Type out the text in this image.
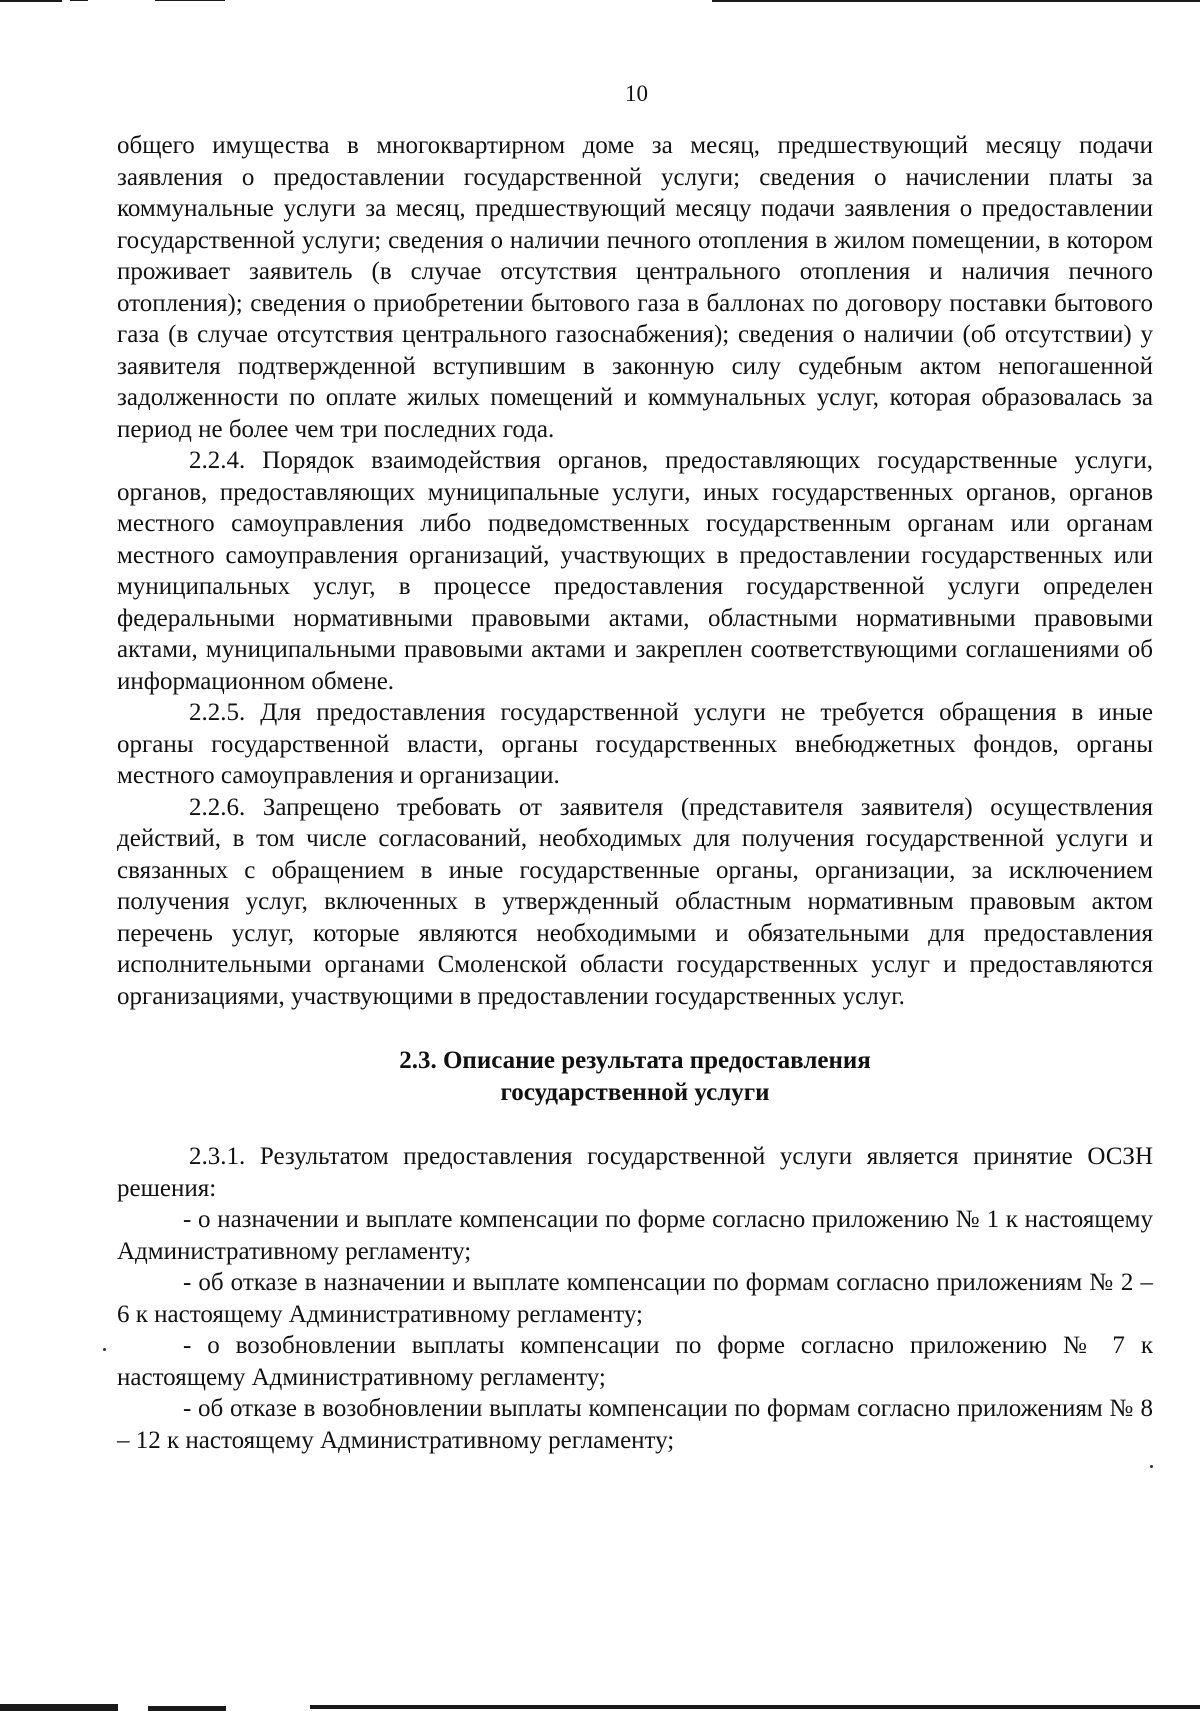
10

общего имущества в многоквартирном доме за месяц, предшествующий месяцу подачи заявления о предоставлении государственной услуги; сведения о начислении платы за коммунальные услуги за месяц, предшествующий месяцу подачи заявления о предоставлении государственной услуги; сведения о наличии печного отопления в жилом помещении, в котором проживает заявитель (в случае отсутствия центрального отопления и наличия печного отопления); сведения о приобретении бытового газа в баллонах по договору поставки бытового газа (в случае отсутствия центрального газоснабжения); сведения о наличии (об отсутствии) у заявителя подтвержденной вступившим в законную силу судебным актом непогашенной задолженности по оплате жилых помещений и коммунальных услуг, которая образовалась за период не более чем три последних года.

2.2.4. Порядок взаимодействия органов, предоставляющих государственные услуги, органов, предоставляющих муниципальные услуги, иных государственных органов, органов местного самоуправления либо подведомственных государственным органам или органам местного самоуправления организаций, участвующих в предоставлении государственных или муниципальных услуг, в процессе предоставления государственной услуги определен федеральными нормативными правовыми актами, областными нормативными правовыми актами, муниципальными правовыми актами и закреплен соответствующими соглашениями об информационном обмене.

2.2.5. Для предоставления государственной услуги не требуется обращения в иные органы государственной власти, органы государственных внебюджетных фондов, органы местного самоуправления и организации.

2.2.6. Запрещено требовать от заявителя (представителя заявителя) осуществления действий, в том числе согласований, необходимых для получения государственной услуги и связанных с обращением в иные государственные органы, организации, за исключением получения услуг, включенных в утвержденный областным нормативным правовым актом перечень услуг, которые являются необходимыми и обязательными для предоставления исполнительными органами Смоленской области государственных услуг и предоставляются организациями, участвующими в предоставлении государственных услуг.

2.3. Описание результата предоставления
государственной услуги

2.3.1. Результатом предоставления государственной услуги является принятие ОСЗН решения:

- о назначении и выплате компенсации по форме согласно приложению № 1 к настоящему Административному регламенту;

- об отказе в назначении и выплате компенсации по формам согласно приложениям № 2 – 6 к настоящему Административному регламенту;

- о возобновлении выплаты компенсации по форме согласно приложению № 7 к настоящему Административному регламенту;

- об отказе в возобновлении выплаты компенсации по формам согласно приложениям № 8 – 12 к настоящему Административному регламенту;
